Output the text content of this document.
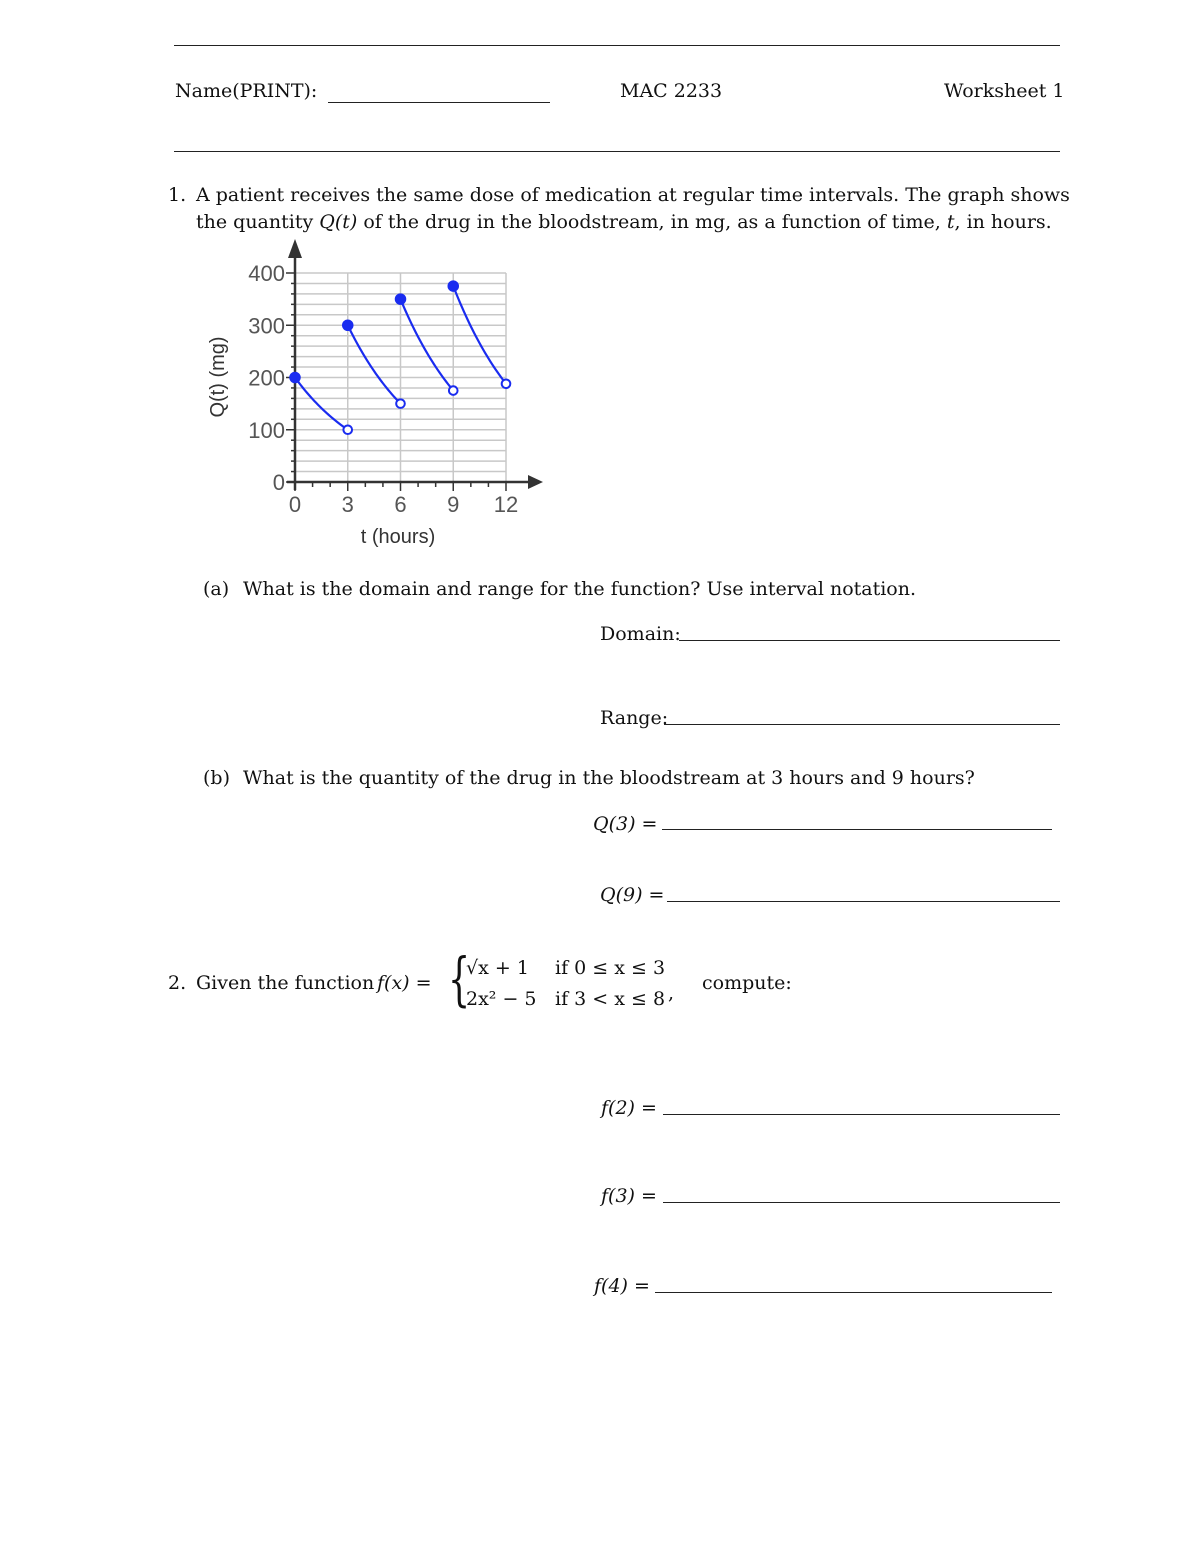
Name(PRINT):	MAC 2233	Worksheet 1
1. A patient receives the same dose of medication at regular time intervals. The graph shows
the quantity Q(t) of the drug in the bloodstream, in mg, as a function of time, t, in hours.
0
100
200
300
400
0 3 6 9 12
t (hours)
Q(t) (mg)
(a) What is the domain and range for the function? Use interval notation.
Domain:
Range:
(b) What is the quantity of the drug in the bloodstream at 3 hours and 9 hours?
Q(3) =
Q(9) =
2. Given the function f(x) = {
√x + 1 if 0 ≤ x ≤ 3
2x² − 5 if 3 < x ≤ 8 , compute:
f(2) =
f(3) =
f(4) =
